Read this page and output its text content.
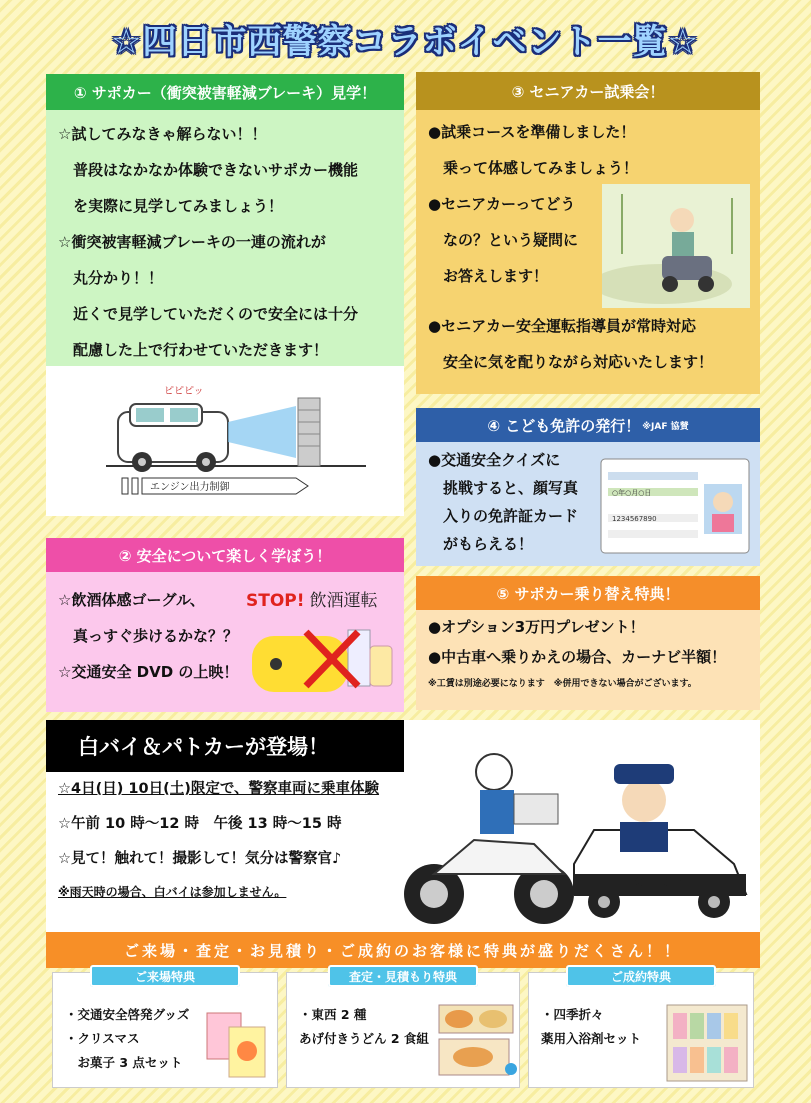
☆四日市西警察コラボイベント一覧☆
① サポカー（衝突被害軽減ブレーキ）見学！

☆試してみなきゃ解らない！！

　普段はなかなか体験できないサポカー機能

　を実際に見学してみましょう！

☆衝突被害軽減ブレーキの一連の流れが

　丸分かり！！

　近くで見学していただくので安全には十分

　配慮した上で行わせていただきます！

ピピピッ
エンジン出力制御
② 安全について楽しく学ぼう！

☆飲酒体感ゴーグル、

　真っすぐ歩けるかな？？

☆交通安全 DVD の上映！

STOP! 飲酒運転
③ セニアカー試乗会！

●試乗コースを準備しました！

　乗って体感してみましょう！

●セニアカーってどう

　なの？という疑問に

　お答えします！

●セニアカー安全運転指導員が常時対応

　安全に気を配りながら対応いたします！

④ こども免許の発行！ ※JAF 協賛

●交通安全クイズに

　挑戦すると、顔写真

　入りの免許証カード

　がもらえる！

○年○月○日
1234567890
⑤ サポカー乗り替え特典！

●オプション3万円プレゼント！

●中古車へ乗りかえの場合、カーナビ半額！

※工賃は別途必要になります　※併用できない場合がございます。
白バイ＆パトカーが登場！

☆4日(日) 10日(土)限定で、警察車両に乗車体験

☆午前 10 時～12 時　午後 13 時～15 時

☆見て！触れて！撮影して！気分は警察官♪

※雨天時の場合、白バイは参加しません。

POLICE
ご来場・査定・お見積り・ご成約のお客様に特典が盛りだくさん！！
ご来場特典
・交通安全啓発グッズ
・クリスマス
　お菓子 3 点セット
査定・見積もり特典
・東西 2 種
あげ付きうどん 2 食組
ご成約特典
・四季折々
薬用入浴剤セット
